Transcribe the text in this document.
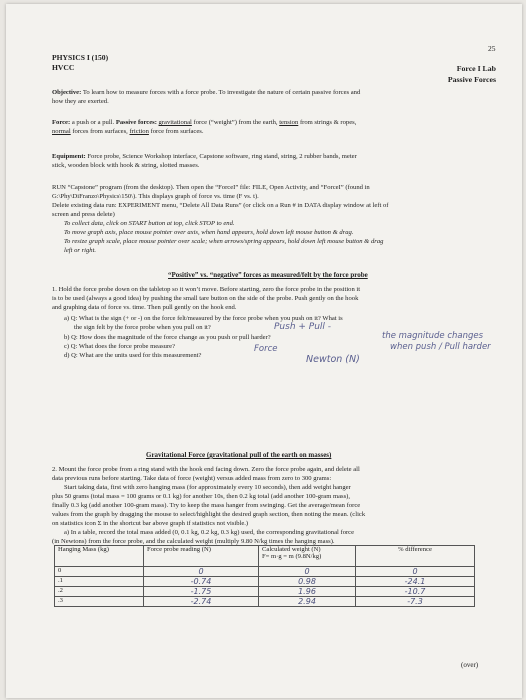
25
PHYSICS I (150)
HVCC	Force I Lab
Passive Forces
Objective: To learn how to measure forces with a force probe. To investigate the nature of certain passive forces and
how they are exerted.
Force: a push or a pull. Passive forces: gravitational force (“weight”) from the earth, tension from strings & ropes,
normal forces from surfaces, friction force from surfaces.
Equipment: Force probe, Science Workshop interface, Capstone software, ring stand, string, 2 rubber bands, meter
stick, wooden block with hook & string, slotted masses.
RUN “Capstone” program (from the desktop). Then open the “ForceI” file: FILE, Open Activity, and “ForceI” (found in
G:\Phy\DiFranzo\Physics\150\). This displays graph of force vs. time (F vs. t).
Delete existing data run: EXPERIMENT menu, “Delete All Data Runs” (or click on a Run # in DATA display window at left of
screen and press delete)
To collect data, click on START button at top, click STOP to end.
To move graph axis, place mouse pointer over axis, when hand appears, hold down left mouse button & drag.
To resize graph scale, place mouse pointer over scale; when arrows/spring appears, hold down left mouse button & drag
left or right.
“Positive” vs. “negative” forces as measured/felt by the force probe
1. Hold the force probe down on the tabletop so it won’t move. Before starting, zero the force probe in the position it
is to be used (always a good idea) by pushing the small tare button on the side of the probe. Push gently on the hook
and graphing data of force vs. time. Then pull gently on the hook end.
a) Q: What is the sign (+ or -) on the force felt/measured by the force probe when you push on it? What is
the sign felt by the force probe when you pull on it?	Push + Pull -
b) Q: How does the magnitude of the force change as you push or pull harder?	the magnitude changes
when push / Pull harder
c) Q: What does the force probe measure?	Force
d) Q: What are the units used for this measurement?	Newton (N)
Gravitational Force (gravitational pull of the earth on masses)
2. Mount the force probe from a ring stand with the hook end facing down. Zero the force probe again, and delete all
data previous runs before starting. Take data of force (weight) versus added mass from zero to 300 grams:
Start taking data, first with zero hanging mass (for approximately every 10 seconds), then add weight hanger
plus 50 grams (total mass = 100 grams or 0.1 kg) for another 10s, then 0.2 kg total (add another 100-gram mass),
finally 0.3 kg (add another 100-gram mass). Try to keep the mass hanger from swinging. Get the average/mean force
values from the graph by dragging the mouse to select/highlight the desired graph section, then noting the mean. (click
on statistics icon Σ in the shortcut bar above graph if statistics not visible.)
a) In a table, record the total mass added (0, 0.1 kg, 0.2 kg, 0.3 kg) used, the corresponding gravitational force
(in Newtons) from the force probe, and the calculated weight (multiply 9.80 N/kg times the hanging mass).
Hanging Mass (kg)	Force probe reading (N)	Calculated weight (N)
F= m·g = m (9.8N/kg)	% difference
0	0	0	0
.1	-0.74	0.98	-24.1
.2	-1.75	1.96	-10.7
.3	-2.74	2.94	-7.3
(over)
